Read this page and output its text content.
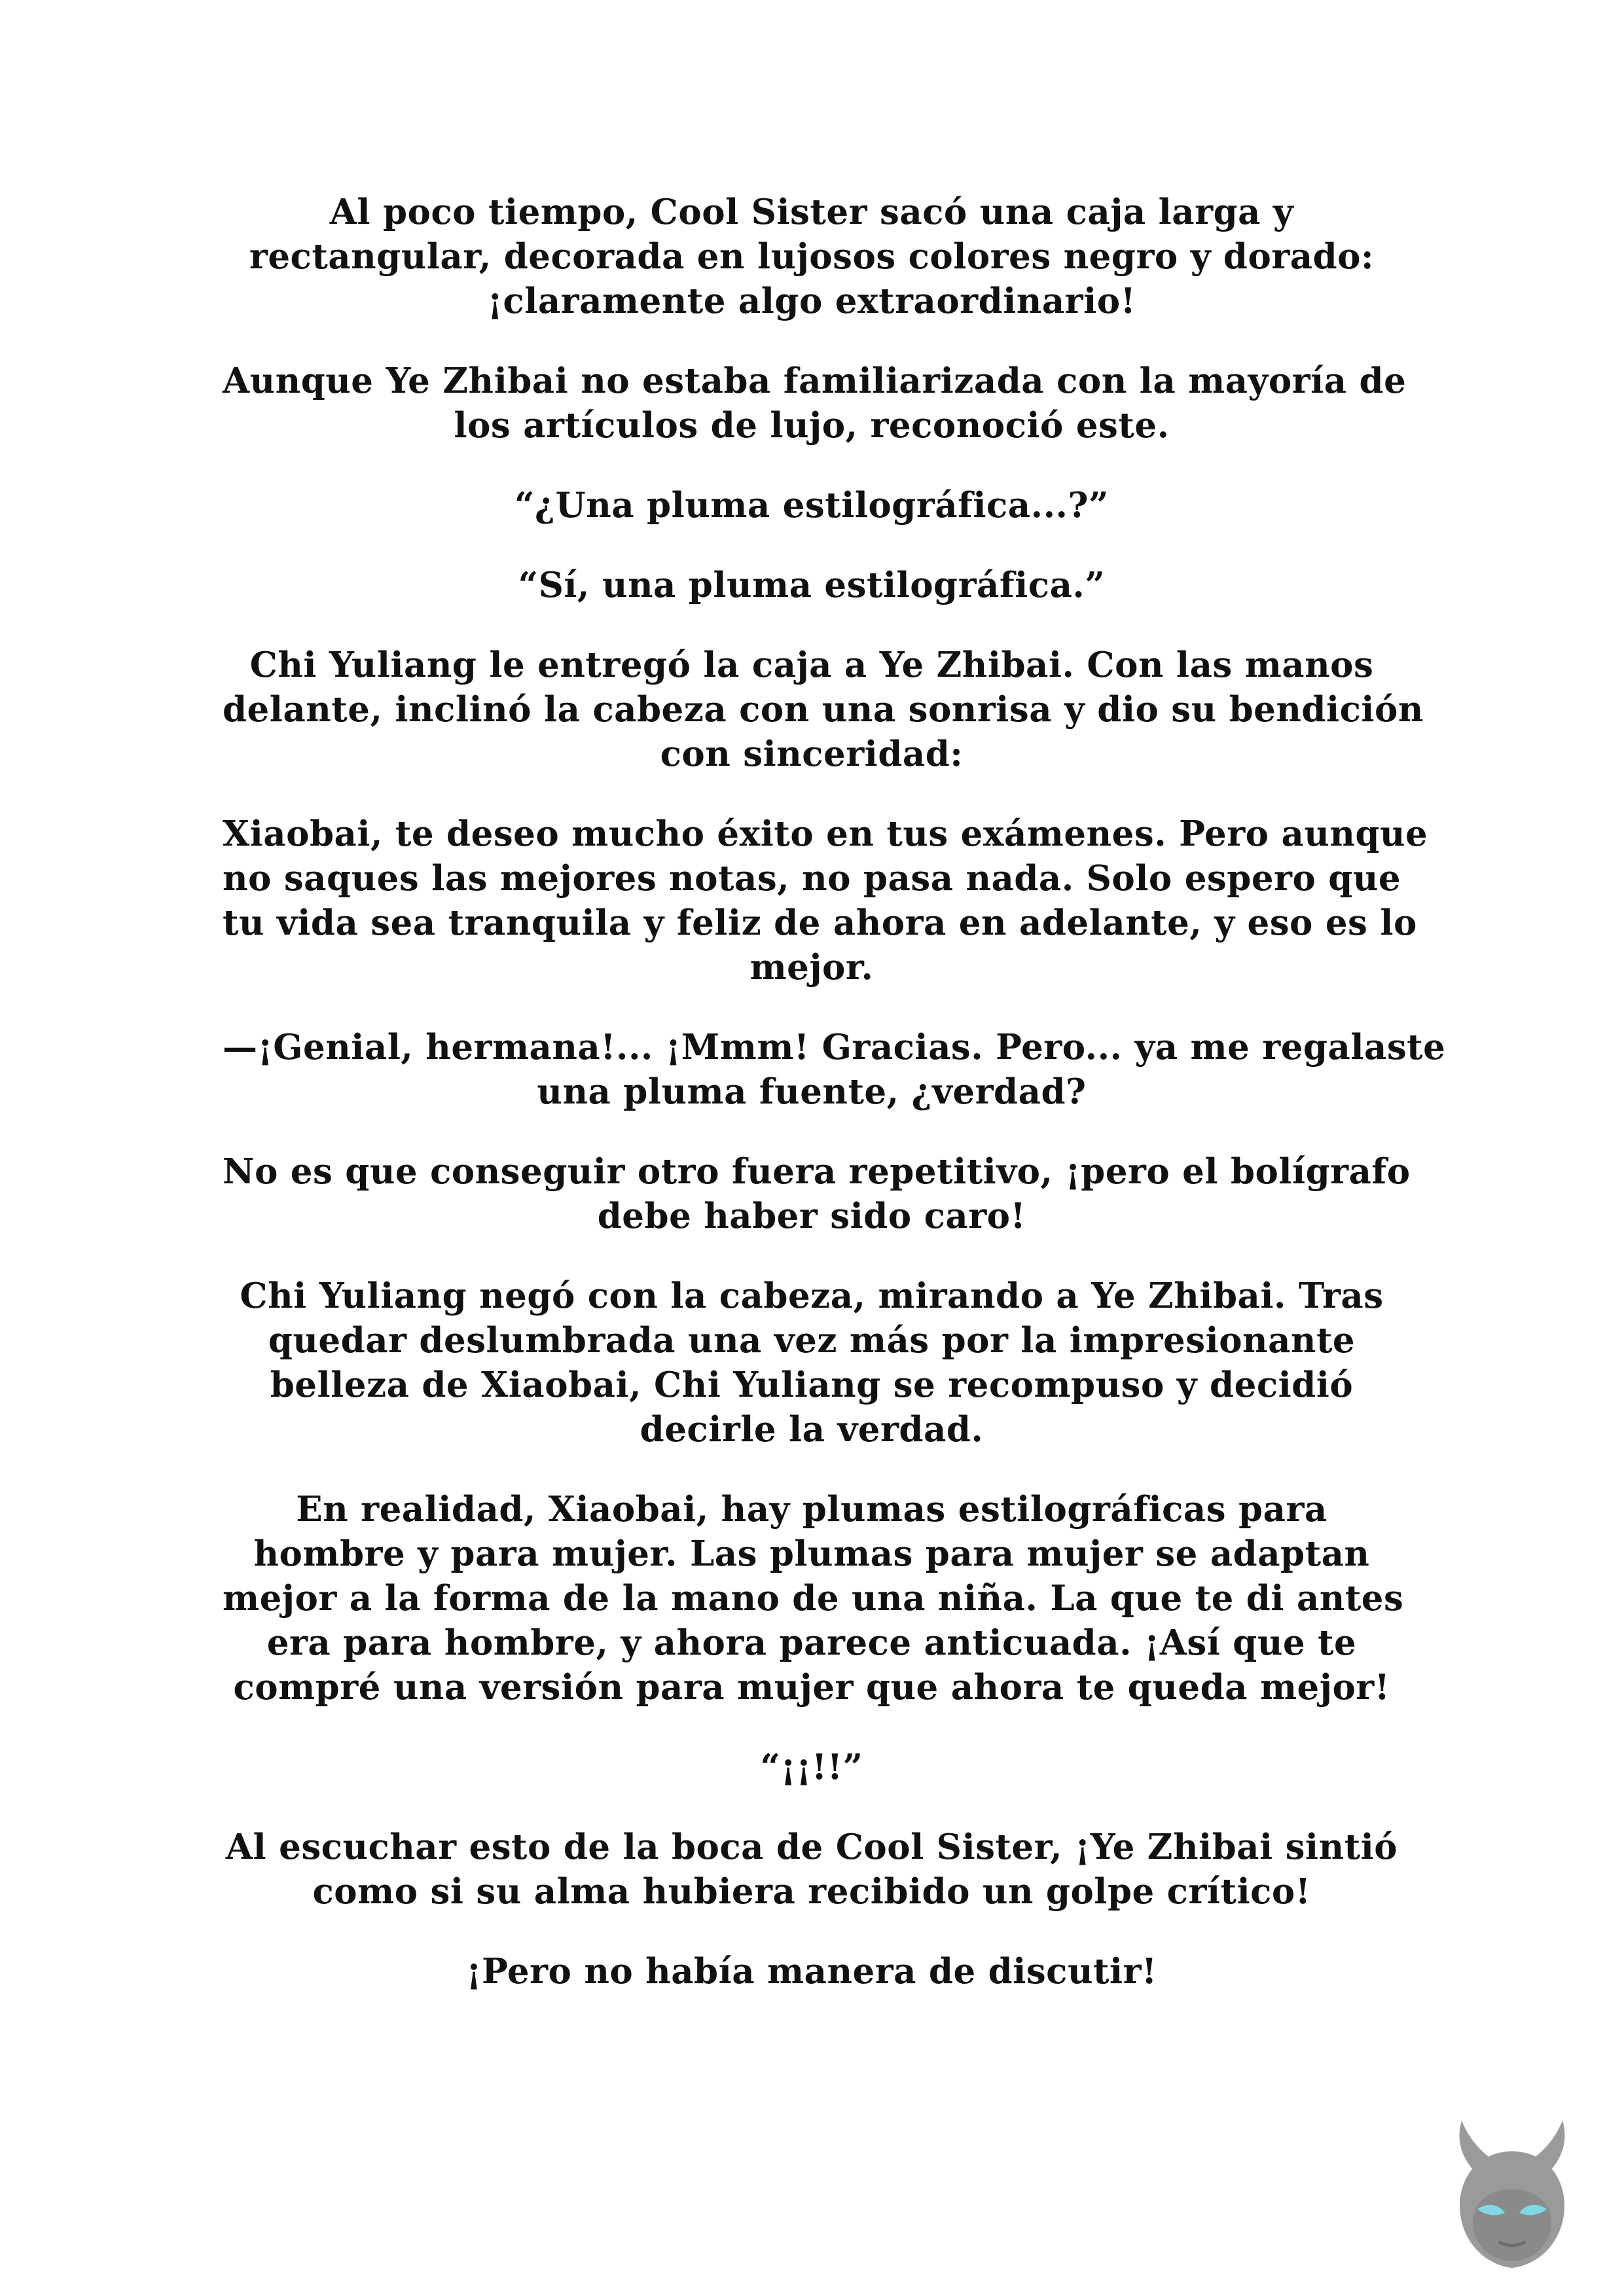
Al poco tiempo, Cool Sister sacó una caja larga y
rectangular, decorada en lujosos colores negro y dorado:
¡claramente algo extraordinario!

Aunque Ye Zhibai no estaba familiarizada con la mayoría de
los artículos de lujo, reconoció este.

“¿Una pluma estilográfica...?”

“Sí, una pluma estilográfica.”

Chi Yuliang le entregó la caja a Ye Zhibai. Con las manos
delante, inclinó la cabeza con una sonrisa y dio su bendición
con sinceridad:

Xiaobai, te deseo mucho éxito en tus exámenes. Pero aunque
no saques las mejores notas, no pasa nada. Solo espero que
tu vida sea tranquila y feliz de ahora en adelante, y eso es lo
mejor.

—¡Genial, hermana!... ¡Mmm! Gracias. Pero... ya me regalaste
una pluma fuente, ¿verdad?

No es que conseguir otro fuera repetitivo, ¡pero el bolígrafo
debe haber sido caro!

Chi Yuliang negó con la cabeza, mirando a Ye Zhibai. Tras
quedar deslumbrada una vez más por la impresionante
belleza de Xiaobai, Chi Yuliang se recompuso y decidió
decirle la verdad.

En realidad, Xiaobai, hay plumas estilográficas para
hombre y para mujer. Las plumas para mujer se adaptan
mejor a la forma de la mano de una niña. La que te di antes
era para hombre, y ahora parece anticuada. ¡Así que te
compré una versión para mujer que ahora te queda mejor!

“¡¡!!”

Al escuchar esto de la boca de Cool Sister, ¡Ye Zhibai sintió
como si su alma hubiera recibido un golpe crítico!

¡Pero no había manera de discutir!
